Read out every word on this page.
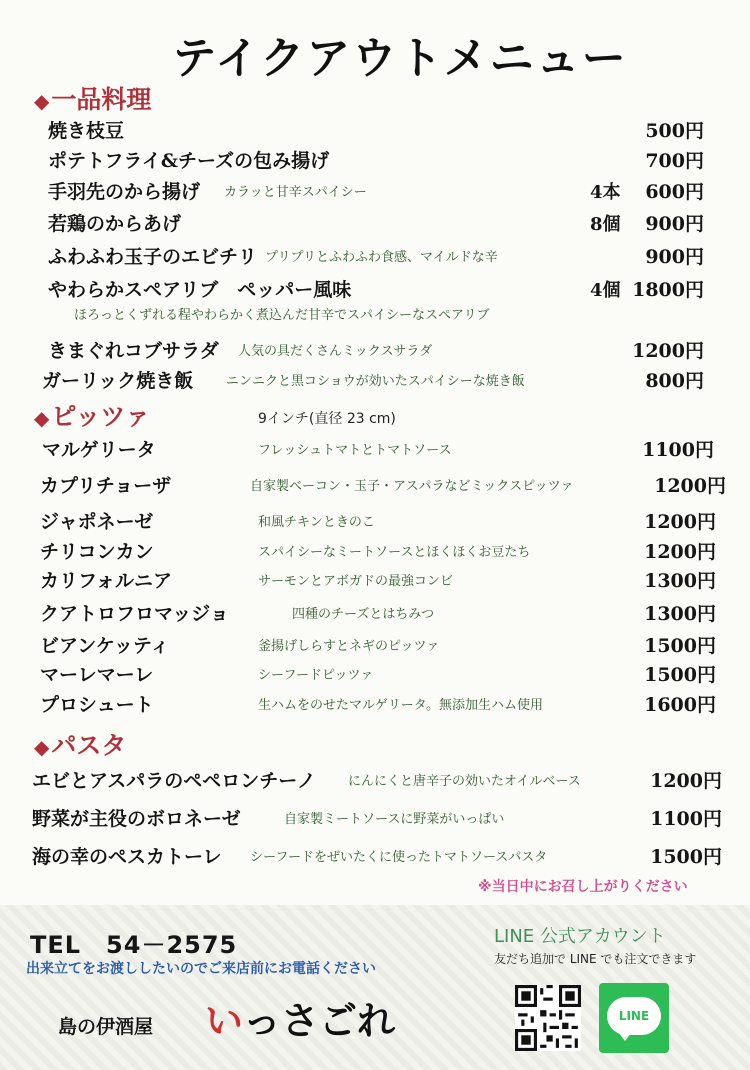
テイクアウトメニュー
◆一品料理
焼き枝豆	500円
ポテトフライ&チーズの包み揚げ	700円
手羽先のから揚げ カラッと甘辛スパイシー	4本 600円
若鶏のからあげ	8個 900円
ふわふわ玉子のエビチリ プリプリとふわふわ食感、マイルドな辛	900円
やわらかスペアリブ　ペッパー風味	4個 1800円
ほろっとくずれる程やわらかく煮込んだ甘辛でスパイシーなスペアリブ
きまぐれコブサラダ 人気の具だくさんミックスサラダ	1200円
ガーリック焼き飯	ニンニクと黒コショウが効いたスパイシーな焼き飯	800円
◆ピッツァ	9インチ(直径 23 cm)
マルゲリータ	フレッシュトマトとトマトソース	1100円
カプリチョーザ	自家製ベーコン・玉子・アスパラなどミックスピッツァ	1200円
ジャポネーゼ	和風チキンときのこ	1200円
チリコンカン	スパイシーなミートソースとほくほくお豆たち	1200円
カリフォルニア	サーモンとアボガドの最強コンビ	1300円
クアトロフロマッジョ	四種のチーズとはちみつ	1300円
ビアンケッティ	釜揚げしらすとネギのピッツァ	1500円
マーレマーレ	シーフードピッツァ	1500円
プロシュート	生ハムをのせたマルゲリータ。無添加生ハム使用	1600円
◆パスタ
エビとアスパラのペペロンチーノ にんにくと唐辛子の効いたオイルベース	1200円
野菜が主役のボロネーゼ	自家製ミートソースに野菜がいっぱい	1100円
海の幸のペスカトーレ シーフードをぜいたくに使ったトマトソースパスタ	1500円
※当日中にお召し上がりください
TEL　54－2575
出来立てをお渡ししたいのでご来店前にお電話ください
島の伊酒屋 いっさごれ
LINE 公式アカウント
友だち追加で LINE でも注文できます
LINE
